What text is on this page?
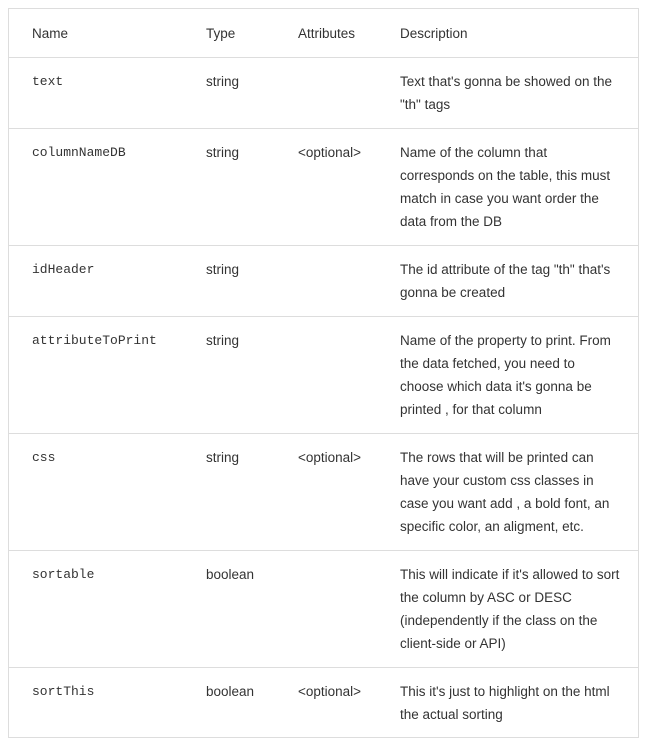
Name	Type	Attributes	Description
text	string		Text that's gonna be showed on the "th" tags
columnNameDB	string	<optional>	Name of the column that corresponds on the table, this must match in case you want order the data from the DB
idHeader	string		The id attribute of the tag "th" that's gonna be created
attributeToPrint	string		Name of the property to print. From the data fetched, you need to choose which data it's gonna be printed , for that column
css	string	<optional>	The rows that will be printed can have your custom css classes in case you want add , a bold font, an specific color, an aligment, etc.
sortable	boolean		This will indicate if it's allowed to sort the column by ASC or DESC (independently if the class on the client-side or API)
sortThis	boolean	<optional>	This it's just to highlight on the html the actual sorting
